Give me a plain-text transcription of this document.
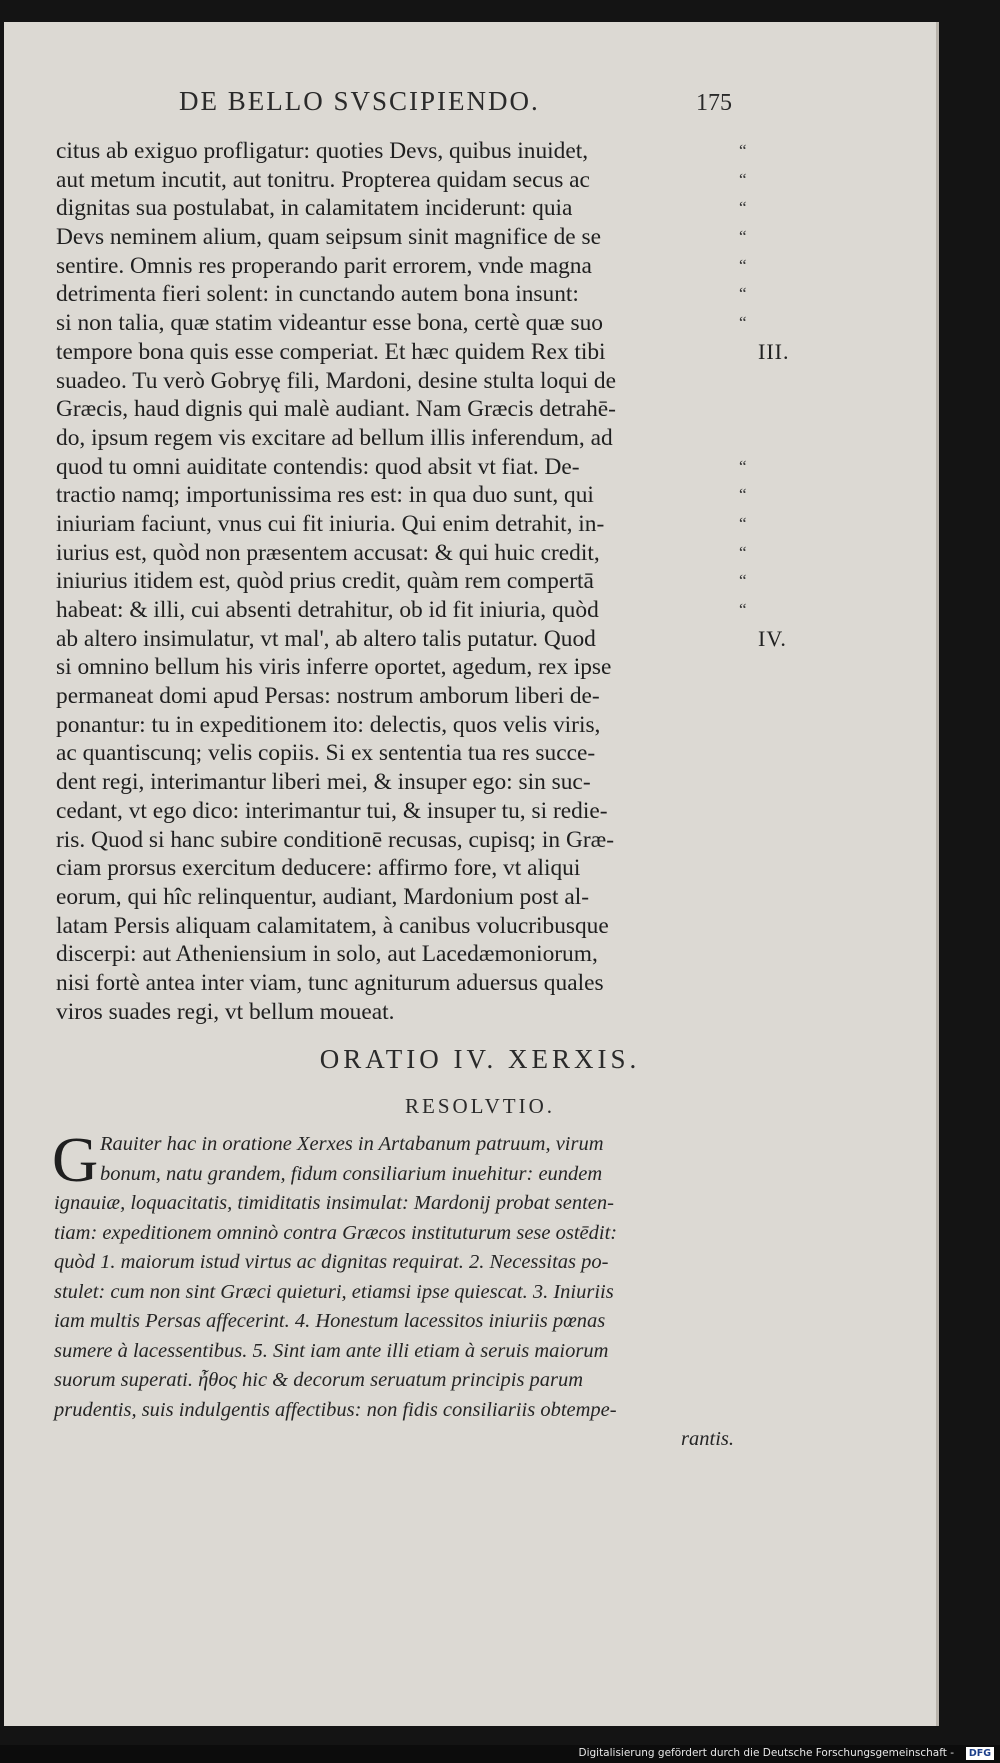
DE BELLO SVSCIPIENDO.	175
citus ab exiguo profligatur: quoties Devs, quibus inuidet,	“
aut metum incutit, aut tonitru. Propterea quidam secus ac	“
dignitas sua postulabat, in calamitatem inciderunt: quia	“
Devs neminem alium, quam seipsum sinit magnifice de se	“
sentire. Omnis res properando parit errorem, vnde magna	“
detrimenta fieri solent: in cunctando autem bona insunt:	“
si non talia, quæ statim videantur esse bona, certè quæ suo	“
tempore bona quis esse comperiat. Et hæc quidem Rex tibi	III.
suadeo. Tu verò Gobryę fili, Mardoni, desine stulta loqui de
Græcis, haud dignis qui malè audiant. Nam Græcis detrahē-
do, ipsum regem vis excitare ad bellum illis inferendum, ad
quod tu omni auiditate contendis: quod absit vt fiat. De-	“
tractio namq; importunissima res est: in qua duo sunt, qui	“
iniuriam faciunt, vnus cui fit iniuria. Qui enim detrahit, in-	“
iurius est, quòd non præsentem accusat: & qui huic credit,	“
iniurius itidem est, quòd prius credit, quàm rem compertā	“
habeat: & illi, cui absenti detrahitur, ob id fit iniuria, quòd	“
ab altero insimulatur, vt mal', ab altero talis putatur. Quod	IV.
si omnino bellum his viris inferre oportet, agedum, rex ipse
permaneat domi apud Persas: nostrum amborum liberi de-
ponantur: tu in expeditionem ito: delectis, quos velis viris,
ac quantiscunq; velis copiis. Si ex sententia tua res succe-
dent regi, interimantur liberi mei, & insuper ego: sin suc-
cedant, vt ego dico: interimantur tui, & insuper tu, si redie-
ris. Quod si hanc subire conditionē recusas, cupisq; in Græ-
ciam prorsus exercitum deducere: affirmo fore, vt aliqui
eorum, qui hîc relinquentur, audiant, Mardonium post al-
latam Persis aliquam calamitatem, à canibus volucribusque
discerpi: aut Atheniensium in solo, aut Lacedæmoniorum,
nisi fortè antea inter viam, tunc agniturum aduersus quales
viros suades regi, vt bellum moueat.
ORATIO IV. XERXIS.
RESOLVTIO.
G Rauiter hac in oratione Xerxes in Artabanum patruum, virum
bonum, natu grandem, fidum consiliarium inuehitur: eundem
ignauiæ, loquacitatis, timiditatis insimulat: Mardonij probat senten-
tiam: expeditionem omninò contra Græcos instituturum sese ostēdit:
quòd 1. maiorum istud virtus ac dignitas requirat. 2. Necessitas po-
stulet: cum non sint Græci quieturi, etiamsi ipse quiescat. 3. Iniuriis
iam multis Persas affecerint. 4. Honestum lacessitos iniuriis pœnas
sumere à lacessentibus. 5. Sint iam ante illi etiam à seruis maiorum
suorum superati. ἦθος hic & decorum seruatum principis parum
prudentis, suis indulgentis affectibus: non fidis consiliariis obtempe-
rantis.
Digitalisierung gefördert durch die Deutsche Forschungsgemeinschaft -	DFG
